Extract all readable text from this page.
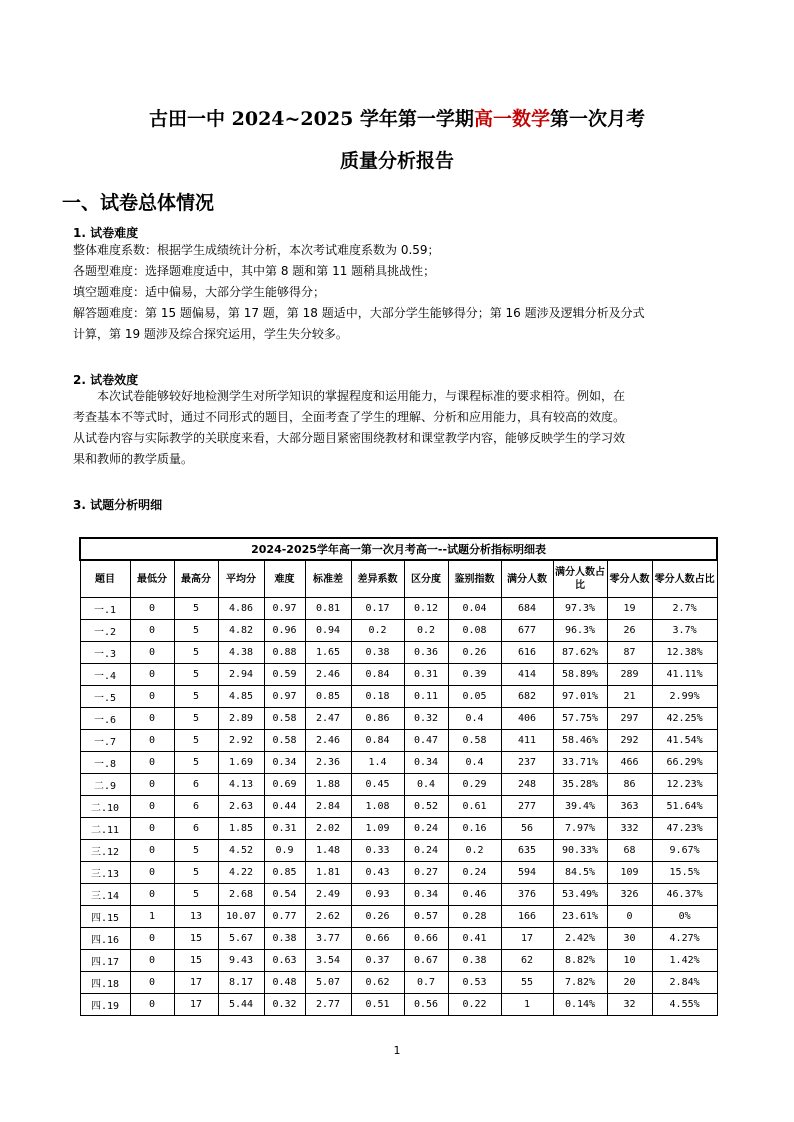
古田一中 2024~2025 学年第一学期高一数学第一次月考
质量分析报告
一、试卷总体情况
1. 试卷难度
整体难度系数：根据学生成绩统计分析，本次考试难度系数为 0.59；
各题型难度：选择题难度适中，其中第 8 题和第 11 题稍具挑战性；
填空题难度：适中偏易，大部分学生能够得分；
解答题难度：第 15 题偏易，第 17 题，第 18 题适中，大部分学生能够得分；第 16 题涉及逻辑分析及分式
计算，第 19 题涉及综合探究运用，学生失分较多。
2. 试卷效度
本次试卷能够较好地检测学生对所学知识的掌握程度和运用能力，与课程标准的要求相符。例如，在
考查基本不等式时，通过不同形式的题目，全面考查了学生的理解、分析和应用能力，具有较高的效度。
从试卷内容与实际教学的关联度来看，大部分题目紧密围绕教材和课堂教学内容，能够反映学生的学习效
果和教师的教学质量。
3. 试题分析明细
2024-2025学年高一第一次月考高一--试题分析指标明细表												
题目	最低分	最高分	平均分	难度	标准差	差异系数	区分度	鉴别指数	满分人数	满分人数占比	零分人数	零分人数占比
一.1	0	5	4.86	0.97	0.81	0.17	0.12	0.04	684	97.3%	19	2.7%
一.2	0	5	4.82	0.96	0.94	0.2	0.2	0.08	677	96.3%	26	3.7%
一.3	0	5	4.38	0.88	1.65	0.38	0.36	0.26	616	87.62%	87	12.38%
一.4	0	5	2.94	0.59	2.46	0.84	0.31	0.39	414	58.89%	289	41.11%
一.5	0	5	4.85	0.97	0.85	0.18	0.11	0.05	682	97.01%	21	2.99%
一.6	0	5	2.89	0.58	2.47	0.86	0.32	0.4	406	57.75%	297	42.25%
一.7	0	5	2.92	0.58	2.46	0.84	0.47	0.58	411	58.46%	292	41.54%
一.8	0	5	1.69	0.34	2.36	1.4	0.34	0.4	237	33.71%	466	66.29%
二.9	0	6	4.13	0.69	1.88	0.45	0.4	0.29	248	35.28%	86	12.23%
二.10	0	6	2.63	0.44	2.84	1.08	0.52	0.61	277	39.4%	363	51.64%
二.11	0	6	1.85	0.31	2.02	1.09	0.24	0.16	56	7.97%	332	47.23%
三.12	0	5	4.52	0.9	1.48	0.33	0.24	0.2	635	90.33%	68	9.67%
三.13	0	5	4.22	0.85	1.81	0.43	0.27	0.24	594	84.5%	109	15.5%
三.14	0	5	2.68	0.54	2.49	0.93	0.34	0.46	376	53.49%	326	46.37%
四.15	1	13	10.07	0.77	2.62	0.26	0.57	0.28	166	23.61%	0	0%
四.16	0	15	5.67	0.38	3.77	0.66	0.66	0.41	17	2.42%	30	4.27%
四.17	0	15	9.43	0.63	3.54	0.37	0.67	0.38	62	8.82%	10	1.42%
四.18	0	17	8.17	0.48	5.07	0.62	0.7	0.53	55	7.82%	20	2.84%
四.19	0	17	5.44	0.32	2.77	0.51	0.56	0.22	1	0.14%	32	4.55%
1
